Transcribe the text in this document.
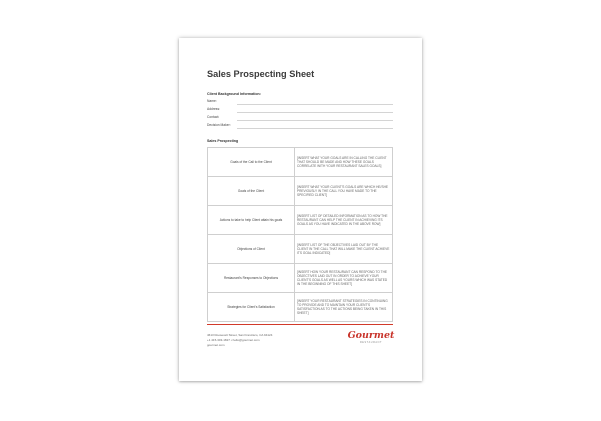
Sales Prospecting Sheet
Client Background Information:
Name:
Address:
Contact:
Decision Maker:
Sales Prospecting
Goals of the Call to the Client	[INSERT WHAT YOUR GOALS ARE IN CALLING THE CLIENT THAT SHOULD BE MADE AND HOW THESE GOALS CORRELATE WITH YOUR RESTAURANT SALES GOALS]
Goals of the Client	[INSERT WHAT YOUR CLIENT'S GOALS ARE WHICH HE/SHE PREVIOUSLY IN THE CALL YOU HAVE MADE TO THE SPECIFIED CLIENT]
Actions to take to help Client attain his goals	[INSERT LIST OF DETAILED INFORMATION AS TO HOW THE RESTAURANT CAN HELP THE CLIENT IN ACHIEVING ITS GOALS AS YOU HAVE INDICATED IN THE ABOVE ROW]
Objections of Client	[INSERT LIST OF THE OBJECTIVES LAID OUT BY THE CLIENT IN THE CALL THAT WILL MAKE THE CLIENT ACHIEVE ITS GOAL INDICATED]
Restaurant's Responses to Objections	[INSERT HOW YOUR RESTAURANT CAN RESPOND TO THE OBJECTIVES LAID OUT IN ORDER TO ACHIEVE YOUR CLIENT'S GOALS AS WELL AS YOURS WHICH WAS STATED IN THE BEGINNING OF THIS SHEET]
Strategies for Client's Satisfaction	[INSERT YOUR RESTAURANT STRATEGIES IN CONTINUING TO PROVIDE AND TO MAINTAIN YOUR CLIENT'S SATISFACTION AS TO THE ACTIONS BEING TAKEN IN THIS SHEET]
4613 Roosevelt Street, San Francisco, CA 94124
+1 415-303-1827 • hello@gourmet.com
gourmet.com
Gourmet
RESTAURANT
